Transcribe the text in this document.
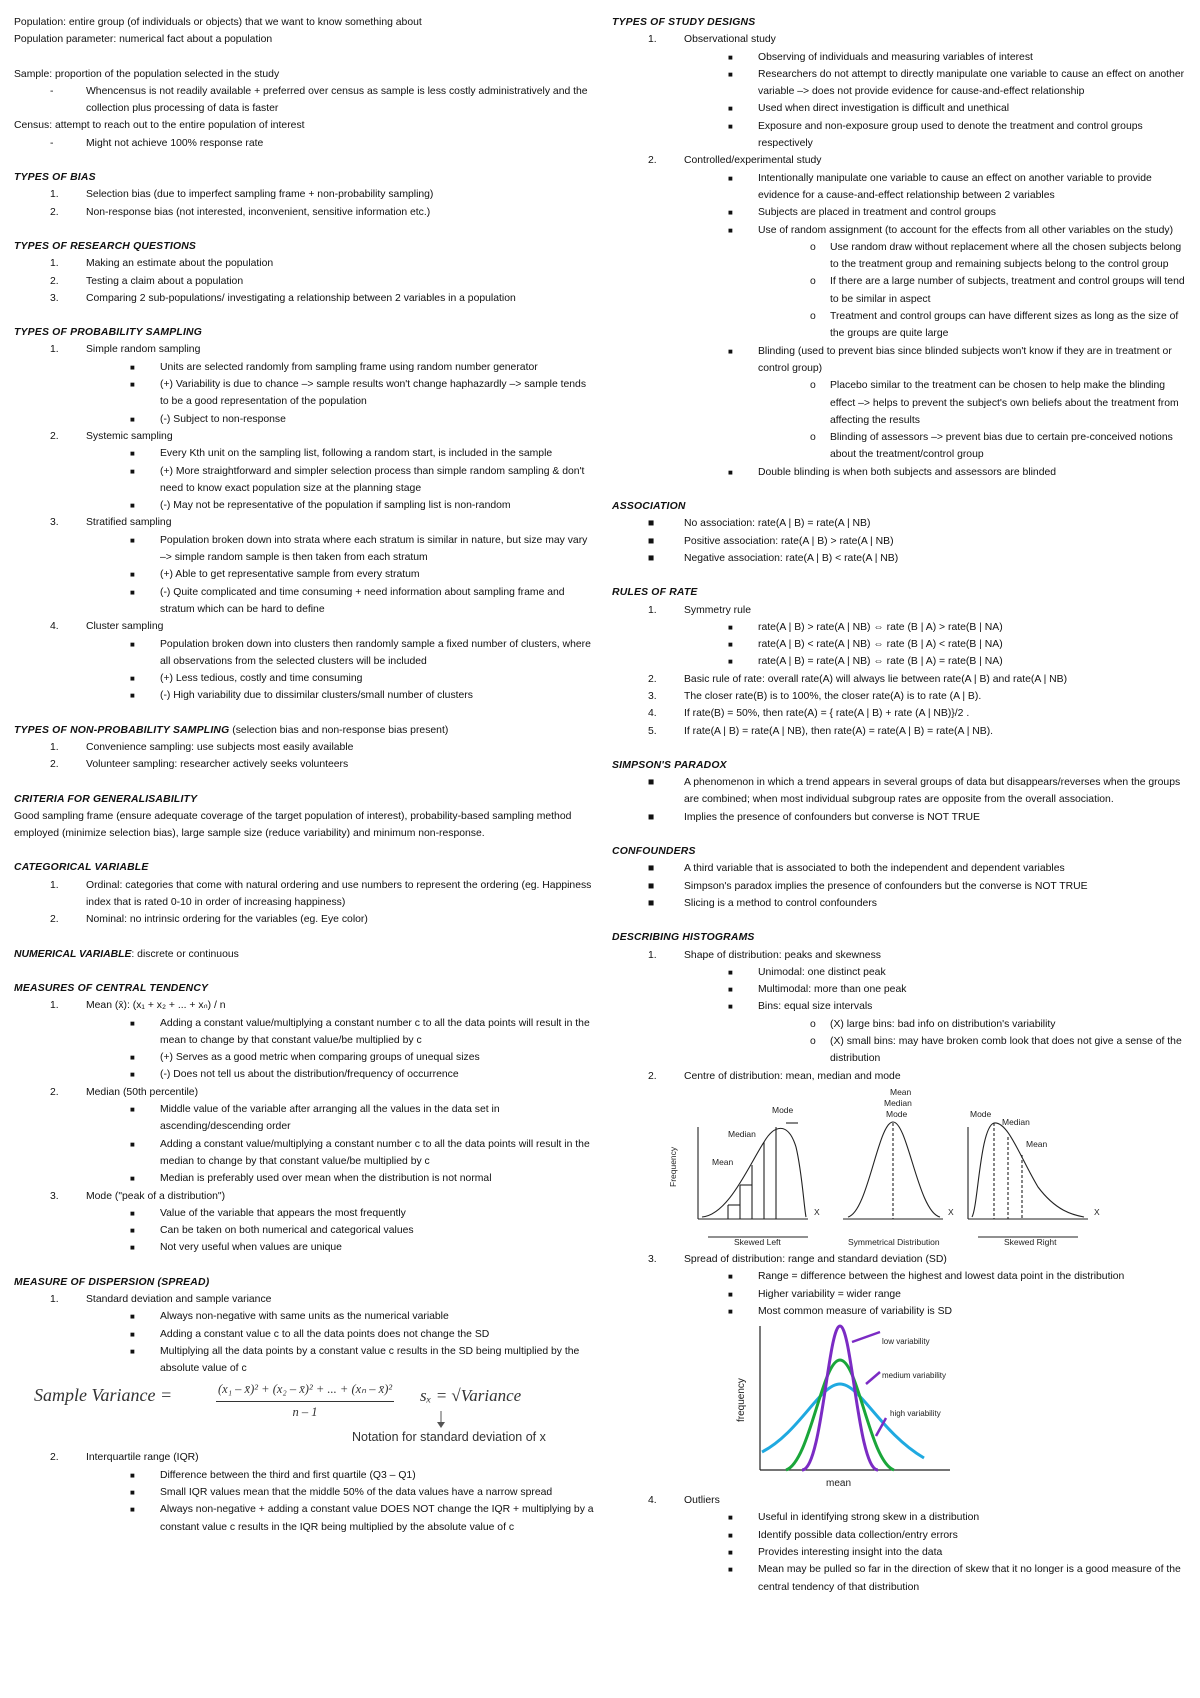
Population: entire group (of individuals or objects) that we want to know something about
Population parameter: numerical fact about a population
Sample: proportion of the population selected in the study
-	Whencensus is not readily available + preferred over census as sample is less costly administratively and the collection plus processing of data is faster
Census: attempt to reach out to the entire population of interest
-	Might not achieve 100% response rate
TYPES OF BIAS
1.	Selection bias (due to imperfect sampling frame + non-probability sampling)
2.	Non-response bias (not interested, inconvenient, sensitive information etc.)
TYPES OF RESEARCH QUESTIONS
1.	Making an estimate about the population
2.	Testing a claim about a population
3.	Comparing 2 sub-populations/ investigating a relationship between 2 variables in a population
TYPES OF PROBABILITY SAMPLING
1.	Simple random sampling
■ Units are selected randomly from sampling frame using random number generator
■ (+) Variability is due to chance –> sample results won't change haphazardly –> sample tends to be a good representation of the population
■ (-) Subject to non-response
2.	Systemic sampling
■ Every Kth unit on the sampling list, following a random start, is included in the sample
■ (+) More straightforward and simpler selection process than simple random sampling & don't need to know exact population size at the planning stage
■ (-) May not be representative of the population if sampling list is non-random
3.	Stratified sampling
■ Population broken down into strata where each stratum is similar in nature, but size may vary –> simple random sample is then taken from each stratum
■ (+) Able to get representative sample from every stratum
■ (-) Quite complicated and time consuming + need information about sampling frame and stratum which can be hard to define
4.	Cluster sampling
■ Population broken down into clusters then randomly sample a fixed number of clusters, where all observations from the selected clusters will be included
■ (+) Less tedious, costly and time consuming
■ (-) High variability due to dissimilar clusters/small number of clusters
TYPES OF NON-PROBABILITY SAMPLING (selection bias and non-response bias present)
1.	Convenience sampling: use subjects most easily available
2.	Volunteer sampling: researcher actively seeks volunteers
CRITERIA FOR GENERALISABILITY
Good sampling frame (ensure adequate coverage of the target population of interest), probability-based sampling method employed (minimize selection bias), large sample size (reduce variability) and minimum non-response.
CATEGORICAL VARIABLE
1.	Ordinal: categories that come with natural ordering and use numbers to represent the ordering (eg. Happiness index that is rated 0-10 in order of increasing happiness)
2.	Nominal: no intrinsic ordering for the variables (eg. Eye color)
NUMERICAL VARIABLE: discrete or continuous
MEASURES OF CENTRAL TENDENCY
1.	Mean (x̄): (x₁ + x₂ + ... + xₙ) / n
■ Adding a constant value/multiplying a constant number c to all the data points will result in the mean to change by that constant value/be multiplied by c
■ (+) Serves as a good metric when comparing groups of unequal sizes
■ (-) Does not tell us about the distribution/frequency of occurrence
2.	Median (50th percentile)
■ Middle value of the variable after arranging all the values in the data set in ascending/descending order
■ Adding a constant value/multiplying a constant number c to all the data points will result in the median to change by that constant value/be multiplied by c
■ Median is preferably used over mean when the distribution is not normal
3.	Mode ("peak of a distribution")
■ Value of the variable that appears the most frequently
■ Can be taken on both numerical and categorical values
■ Not very useful when values are unique
MEASURE OF DISPERSION (SPREAD)
1.	Standard deviation and sample variance
■ Always non-negative with same units as the numerical variable
■ Adding a constant value c to all the data points does not change the SD
■ Multiplying all the data points by a constant value c results in the SD being multiplied by the absolute value of c
Sample Variance =	$\frac{\text{(x₁ – x̄)² + (x₂ – x̄)² + ... + (xₙ – x̄)²}}{n - 1}$ sₓ = √Variance
Notation for standard deviation of x
2.	Interquartile range (IQR)
■ Difference between the third and first quartile (Q3 – Q1)
■ Small IQR values mean that the middle 50% of the data values have a narrow spread
■ Always non-negative + adding a constant value DOES NOT change the IQR + multiplying by a constant value c results in the IQR being multiplied by the absolute value of c
TYPES OF STUDY DESIGNS
1.	Observational study
■ Observing of individuals and measuring variables of interest
■ Researchers do not attempt to directly manipulate one variable to cause an effect on another variable –> does not provide evidence for cause-and-effect relationship
■ Used when direct investigation is difficult and unethical
■ Exposure and non-exposure group used to denote the treatment and control groups respectively
2.	Controlled/experimental study
■ Intentionally manipulate one variable to cause an effect on another variable to provide evidence for a cause-and-effect relationship between 2 variables
■ Subjects are placed in treatment and control groups
■ Use of random assignment (to account for the effects from all other variables on the study)
o Use random draw without replacement where all the chosen subjects belong to the treatment group and remaining subjects belong to the control group
o If there are a large number of subjects, treatment and control groups will tend to be similar in aspect
o Treatment and control groups can have different sizes as long as the size of the groups are quite large
■ Blinding (used to prevent bias since blinded subjects won't know if they are in treatment or control group)
o Placebo similar to the treatment can be chosen to help make the blinding effect –> helps to prevent the subject's own beliefs about the treatment from affecting the results
o Blinding of assessors –> prevent bias due to certain pre-conceived notions about the treatment/control group
■ Double blinding is when both subjects and assessors are blinded
ASSOCIATION
■	No association: rate(A | B) = rate(A | NB)
■	Positive association: rate(A | B) > rate(A | NB)
■	Negative association: rate(A | B) < rate(A | NB)
RULES OF RATE
1.	Symmetry rule
■ rate(A | B) > rate(A | NB) ⇔ rate (B | A) > rate(B | NA)
■ rate(A | B) < rate(A | NB) ⇔ rate (B | A) < rate(B | NA)
■ rate(A | B) = rate(A | NB) ⇔ rate (B | A) = rate(B | NA)
2.	Basic rule of rate: overall rate(A) will always lie between rate(A | B) and rate(A | NB)
3.	The closer rate(B) is to 100%, the closer rate(A) is to rate (A | B).
4.	If rate(B) = 50%, then rate(A) = { rate(A | B) + rate (A | NB)}/2 .
5.	If rate(A | B) = rate(A | NB), then rate(A) = rate(A | B) = rate(A | NB).
SIMPSON'S PARADOX
■	A phenomenon in which a trend appears in several groups of data but disappears/reverses when the groups are combined; when most individual subgroup rates are opposite from the overall association.
■	Implies the presence of confounders but converse is NOT TRUE
CONFOUNDERS
■	A third variable that is associated to both the independent and dependent variables
■	Simpson's paradox implies the presence of confounders but the converse is NOT TRUE
■	Slicing is a method to control confounders
DESCRIBING HISTOGRAMS
1.	Shape of distribution: peaks and skewness
■ Unimodal: one distinct peak
■ Multimodal: more than one peak
■ Bins: equal size intervals
o (X) large bins: bad info on distribution's variability
o (X) small bins: may have broken comb look that does not give a sense of the distribution
2.	Centre of distribution: mean, median and mode
Frequency
Mode
Median
Mean
X
Mean
Median
Mode
X
Mode
Median
Mean
X
Skewed Left	Symmetrical Distribution	Skewed Right
3.	Spread of distribution: range and standard deviation (SD)
■ Range = difference between the highest and lowest data point in the distribution
■ Higher variability = wider range
■ Most common measure of variability is SD
low variability
medium variability
high variability
frequency
mean
4.	Outliers
■ Useful in identifying strong skew in a distribution
■ Identify possible data collection/entry errors
■ Provides interesting insight into the data
■ Mean may be pulled so far in the direction of skew that it no longer is a good measure of the central tendency of that distribution
